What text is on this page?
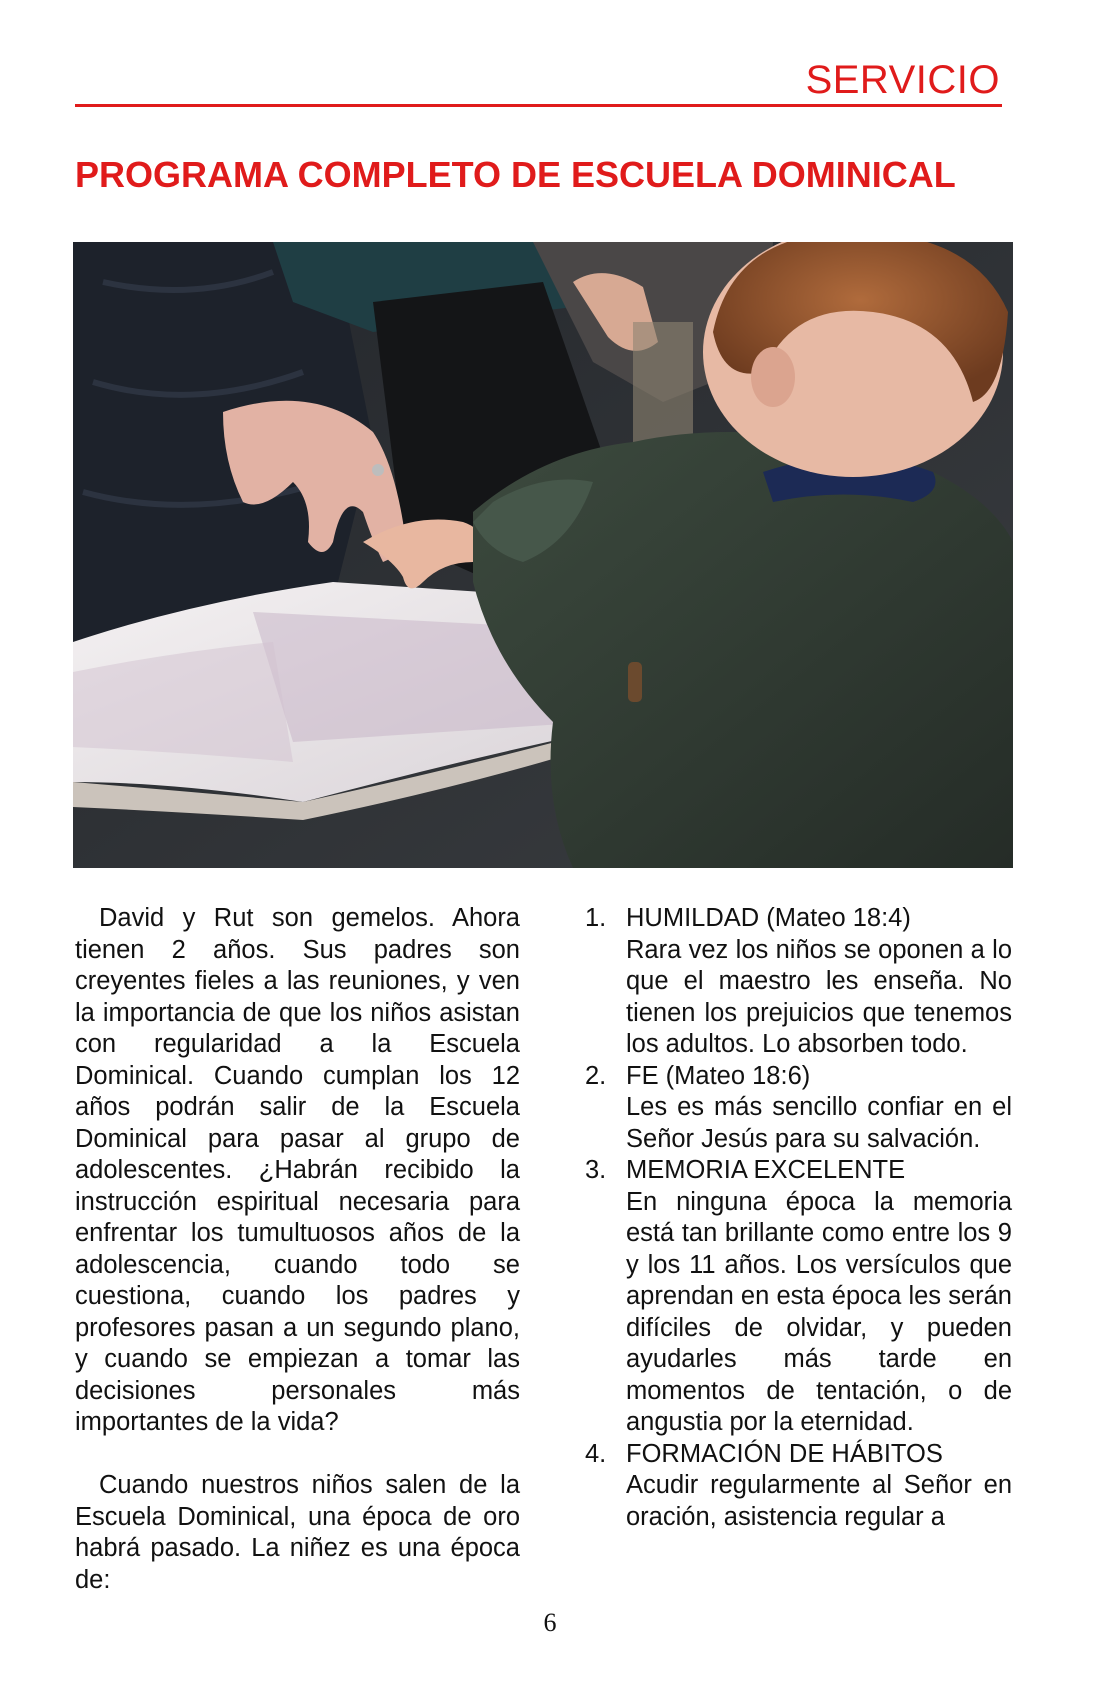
SERVICIO
PROGRAMA COMPLETO DE ESCUELA DOMINICAL

David y Rut son gemelos. Ahora tienen 2 años. Sus padres son creyentes fieles a las reuniones, y ven la importancia de que los niños asistan con regularidad a la Escuela Dominical. Cuando cumplan los 12 años podrán salir de la Escuela Dominical para pasar al grupo de adolescentes. ¿Habrán recibido la instrucción espiritual necesaria para enfrentar los tumultuosos años de la adolescencia, cuando todo se cuestiona, cuando los padres y profesores pasan a un segundo plano, y cuando se empiezan a tomar las decisiones personales más importantes de la vida?

Cuando nuestros niños salen de la Escuela Dominical, una época de oro habrá pasado. La niñez es una época de:

1. HUMILDAD (Mateo 18:4)
Rara vez los niños se oponen a lo que el maestro les enseña. No tienen los prejuicios que tenemos los adultos. Lo absorben todo.
2. FE (Mateo 18:6)
Les es más sencillo confiar en el Señor Jesús para su salvación.
3. MEMORIA EXCELENTE
En ninguna época la memoria está tan brillante como entre los 9 y los 11 años. Los versículos que aprendan en esta época les serán difíciles de olvidar, y pueden ayudarles más tarde en momentos de tentación, o de angustia por la eternidad.
4. FORMACIÓN DE HÁBITOS
Acudir regularmente al Señor en oración, asistencia regular a
6
